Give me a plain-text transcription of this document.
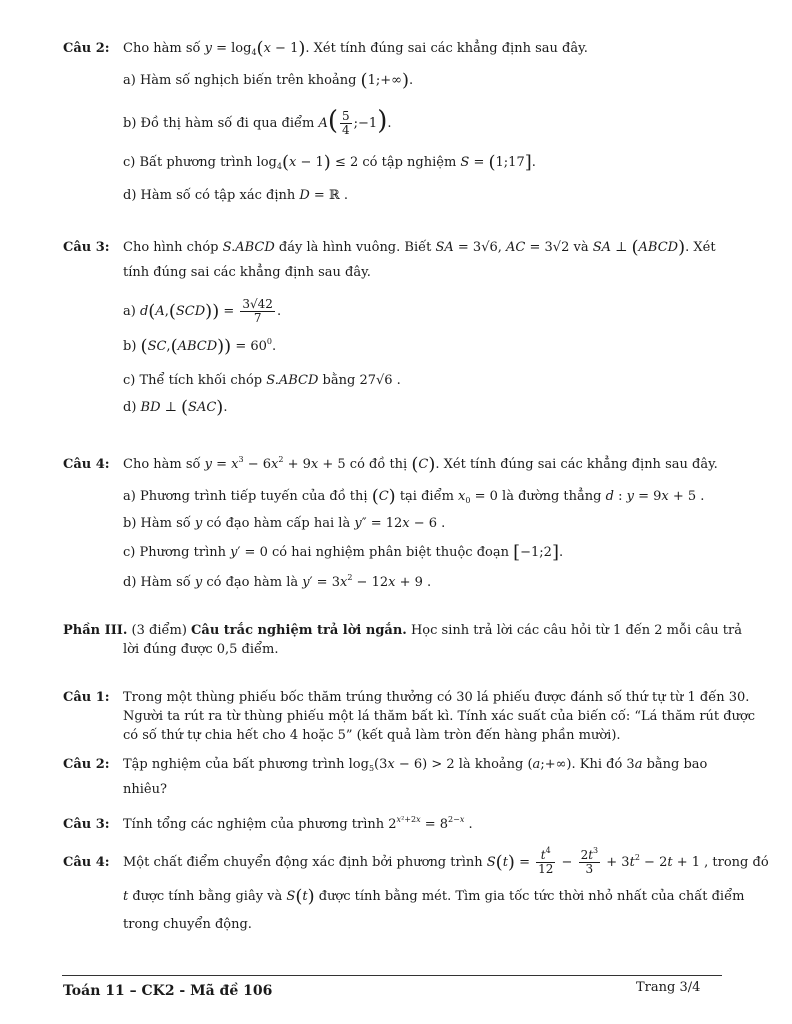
Câu 2: Cho hàm số $y = \log_4(x - 1)$. Xét tính đúng sai các khẳng định sau đây.
a) Hàm số nghịch biến trên khoảng (1;+∞).
b) Đồ thị hàm số đi qua điểm $A( \frac{5}{4}$ ;−1).
c) Bất phương trình $\log_4(x - 1) \le 2$ có tập nghiệm S = (1;17].
d) Hàm số có tập xác định D = ℝ .
Câu 3: Cho hình chóp S.ABCD đáy là hình vuông. Biết SA = 3√6, AC = 3√2 và SA ⊥ (ABCD). Xét
tính đúng sai các khẳng định sau đây.
a) $d(A,(SCD)) = \frac{3√42}{7}$ .
b) (SC,(ABCD)) = $60^0$.
c) Thể tích khối chóp S.ABCD bằng 27√6 .
d) BD ⊥ (SAC).
Câu 4: Cho hàm số $y = x^3 - 6x^2 + 9x + 5$ có đồ thị (C). Xét tính đúng sai các khẳng định sau đây.
a) Phương trình tiếp tuyến của đồ thị (C) tại điểm $x_0 = 0$ là đường thẳng d : y = 9x + 5 .
b) Hàm số y có đạo hàm cấp hai là y″ = 12x − 6 .
c) Phương trình y′ = 0 có hai nghiệm phân biệt thuộc đoạn [−1;2].
d) Hàm số y có đạo hàm là $y' = 3x^2 - 12x + 9$ .
Phần III. (3 điểm) Câu trắc nghiệm trả lời ngắn. Học sinh trả lời các câu hỏi từ 1 đến 2 mỗi câu trả
lời đúng được 0,5 điểm.
Câu 1: Trong một thùng phiếu bốc thăm trúng thưởng có 30 lá phiếu được đánh số thứ tự từ 1 đến 30.
Người ta rút ra từ thùng phiếu một lá thăm bất kì. Tính xác suất của biến cố: “Lá thăm rút được
có số thứ tự chia hết cho 4 hoặc 5” (kết quả làm tròn đến hàng phần mười).
Câu 2: Tập nghiệm của bất phương trình $\log_5(3x - 6) > 2$ là khoảng (a;+∞). Khi đó 3a bằng bao
nhiêu?
Câu 3: Tính tổng các nghiệm của phương trình $2^{x^2+2x} = 8^{2-x}$ .
Câu 4: Một chất điểm chuyển động xác định bởi phương trình $S(t) = \frac{t^4}{12} - \frac{2t^3}{3} + 3t^2 - 2t + 1$ , trong đó
t được tính bằng giây và S(t) được tính bằng mét. Tìm gia tốc tức thời nhỏ nhất của chất điểm
trong chuyển động.
Toán 11 – CK2 - Mã đề 106	Trang 3/4
